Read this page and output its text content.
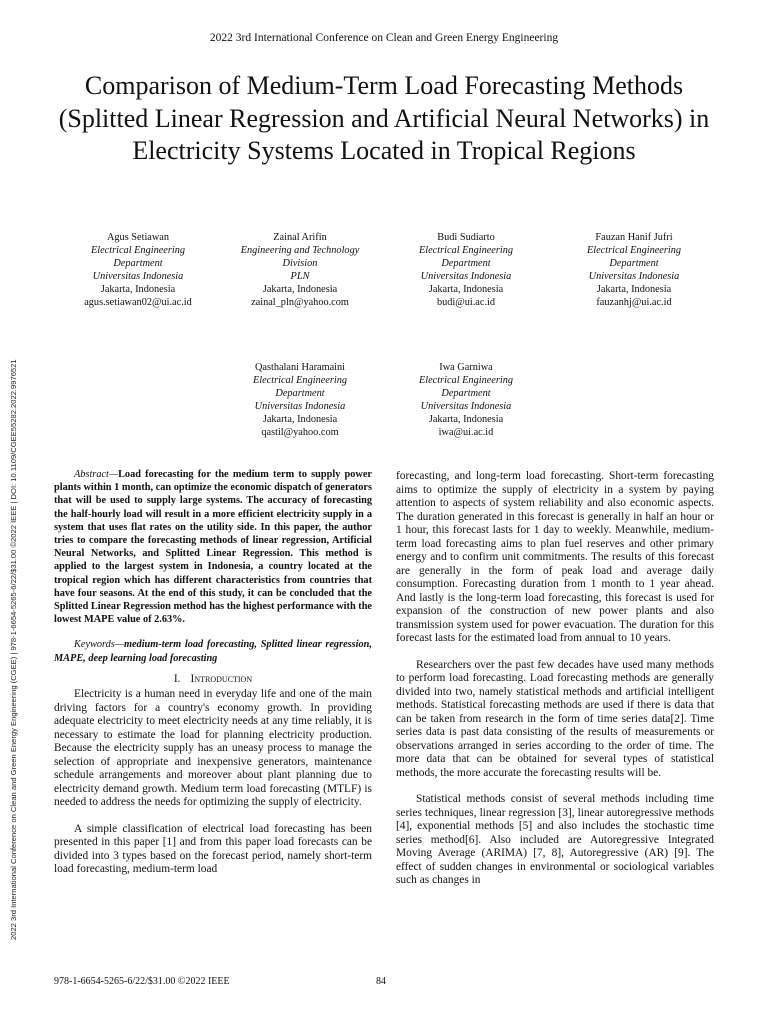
2022 3rd International Conference on Clean and Green Energy Engineering
Comparison of Medium-Term Load Forecasting Methods (Splitted Linear Regression and Artificial Neural Networks) in Electricity Systems Located in Tropical Regions
2022 3rd International Conference on Clean and Green Energy Engineering (CGEE) | 978-1-6654-5265-6/22/$31.00 ©2022 IEEE | DOI: 10.1109/CGEE55282.2022.9976521
Agus Setiawan
Electrical Engineering
Department
Universitas Indonesia
Jakarta, Indonesia
agus.setiawan02@ui.ac.id
Zainal Arifin
Engineering and Technology
Division
PLN
Jakarta, Indonesia
zainal_pln@yahoo.com
Budi Sudiarto
Electrical Engineering
Department
Universitas Indonesia
Jakarta, Indonesia
budi@ui.ac.id
Fauzan Hanif Jufri
Electrical Engineering
Department
Universitas Indonesia
Jakarta, Indonesia
fauzanhj@ui.ac.id
Qasthalani Haramaini
Electrical Engineering
Department
Universitas Indonesia
Jakarta, Indonesia
qastil@yahoo.com
Iwa Garniwa
Electrical Engineering
Department
Universitas Indonesia
Jakarta, Indonesia
iwa@ui.ac.id

Abstract—Load forecasting for the medium term to supply power plants within 1 month, can optimize the economic dispatch of generators that will be used to supply large systems. The accuracy of forecasting the half-hourly load will result in a more efficient electricity supply in a system that uses flat rates on the utility side. In this paper, the author tries to compare the forecasting methods of linear regression, Artificial Neural Networks, and Splitted Linear Regression. This method is applied to the largest system in Indonesia, a country located at the tropical region which has different characteristics from countries that have four seasons. At the end of this study, it can be concluded that the Splitted Linear Regression method has the highest performance with the lowest MAPE value of 2.63%.

Keywords—medium-term load forecasting, Splitted linear regression, MAPE, deep learning load forecasting

I. Introduction

Electricity is a human need in everyday life and one of the main driving factors for a country's economy growth. In providing adequate electricity to meet electricity needs at any time reliably, it is necessary to estimate the load for planning electricity production. Because the electricity supply has an uneasy process to manage the selection of appropriate and inexpensive generators, maintenance schedule arrangements and moreover about plant planning due to electricity demand growth. Medium term load forecasting (MTLF) is needed to address the needs for optimizing the supply of electricity.

A simple classification of electrical load forecasting has been presented in this paper [1] and from this paper load forecasts can be divided into 3 types based on the forecast period, namely short-term load forecasting, medium-term load

forecasting, and long-term load forecasting. Short-term forecasting aims to optimize the supply of electricity in a system by paying attention to aspects of system reliability and also economic aspects. The duration generated in this forecast is generally in half an hour or 1 hour, this forecast lasts for 1 day to weekly. Meanwhile, medium-term load forecasting aims to plan fuel reserves and other primary energy and to confirm unit commitments. The results of this forecast are generally in the form of peak load and average daily consumption. Forecasting duration from 1 month to 1 year ahead. And lastly is the long-term load forecasting, this forecast is used for expansion of the construction of new power plants and also transmission system used for power evacuation. The duration for this forecast lasts for the estimated load from annual to 10 years.

Researchers over the past few decades have used many methods to perform load forecasting. Load forecasting methods are generally divided into two, namely statistical methods and artificial intelligent methods. Statistical forecasting methods are used if there is data that can be taken from research in the form of time series data[2]. Time series data is past data consisting of the results of measurements or observations arranged in series according to the order of time. The more data that can be obtained for several types of statistical methods, the more accurate the forecasting results will be.

Statistical methods consist of several methods including time series techniques, linear regression [3], linear autoregressive methods [4], exponential methods [5] and also includes the stochastic time series method[6]. Also included are Autoregressive Integrated Moving Average (ARIMA) [7, 8], Autoregressive (AR) [9]. The effect of sudden changes in environmental or sociological variables such as changes in

978-1-6654-5265-6/22/$31.00 ©2022 IEEE	84
